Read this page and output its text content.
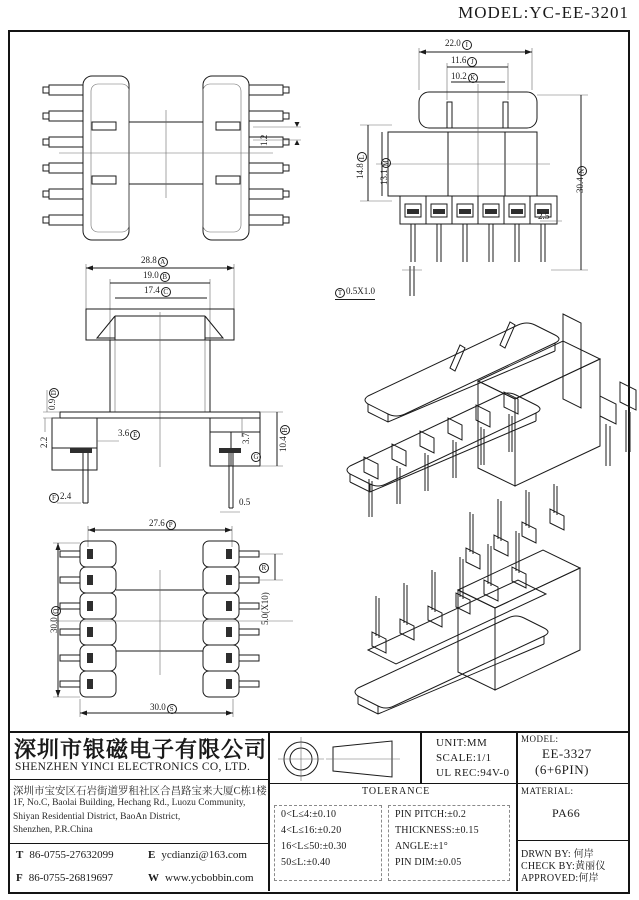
MODEL:YC-EE-3201
1.2
22.0 I
11.6 J
10.2 K
14.8L
13.1M
30.4N
2.5
T 0.5X1.0
28.8 A
19.0 B
17.4 C
0.9D
2.2
3.6 E
F 2.4
3.7	10.4H
G
0.5
27.6 P
30.0Q
R
5.0(X10)
30.0 S
深圳市银磁电子有限公司
SHENZHEN YINCI ELECTRONICS CO, LTD.
深圳市宝安区石岩街道罗租社区合昌路宝来大厦C栋1楼
1F, No.C, Baolai Building, Hechang Rd., Luozu Community,
Shiyan Residential District, BaoAn District,
Shenzhen, P.R.China
T 86-0755-27632099	E ycdianzi@163.com
F 86-0755-26819697	W www.ycbobbin.com
UNIT:MM
SCALE:1/1
UL REC:94V-0
MODEL:
EE-3327
(6+6PIN)
TOLERANCE
0<L≤4:±0.10
4<L≤16:±0.20
16<L≤50:±0.30
50≤L:±0.40
PIN PITCH:±0.2
THICKNESS:±0.15
ANGLE:±1°
PIN DIM:±0.05
MATERIAL:
PA66
DRWN BY: 何岸
CHECK BY:黄丽仪
APPROVED:何岸
